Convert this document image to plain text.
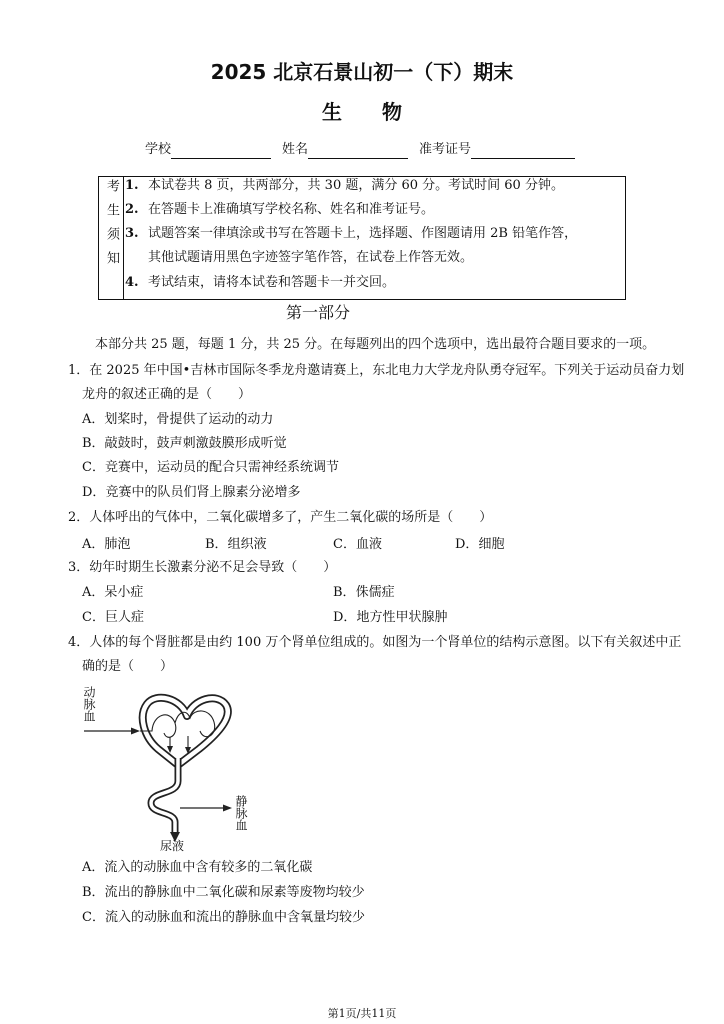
2025 北京石景山初一（下）期末
生　　物
学校	姓名	准考证号
考生须知 1. 本试卷共 8 页，共两部分，共 30 题，满分 60 分。考试时间 60 分钟。
2. 在答题卡上准确填写学校名称、姓名和准考证号。
3. 试题答案一律填涂或书写在答题卡上，选择题、作图题请用 2B 铅笔作答，
其他试题请用黑色字迹签字笔作答，在试卷上作答无效。
4. 考试结束，请将本试卷和答题卡一并交回。
第一部分
本部分共 25 题，每题 1 分，共 25 分。在每题列出的四个选项中，选出最符合题目要求的一项。
1．在 2025 年中国•吉林市国际冬季龙舟邀请赛上，东北电力大学龙舟队勇夺冠军。下列关于运动员奋力划
龙舟的叙述正确的是（　　）
A．划桨时，骨提供了运动的动力
B．敲鼓时，鼓声刺激鼓膜形成听觉
C．竞赛中，运动员的配合只需神经系统调节
D．竞赛中的队员们肾上腺素分泌增多
2．人体呼出的气体中，二氧化碳增多了，产生二氧化碳的场所是（　　）
A．肺泡	B．组织液	C．血液	D．细胞
3．幼年时期生长激素分泌不足会导致（　　）
A．呆小症	B．侏儒症
C．巨人症	D．地方性甲状腺肿
4．人体的每个肾脏都是由约 100 万个肾单位组成的。如图为一个肾单位的结构示意图。以下有关叙述中正
确的是（　　）
动脉血
静脉血
尿液
A．流入的动脉血中含有较多的二氧化碳
B．流出的静脉血中二氧化碳和尿素等废物均较少
C．流入的动脉血和流出的静脉血中含氧量均较少
第1页/共11页
